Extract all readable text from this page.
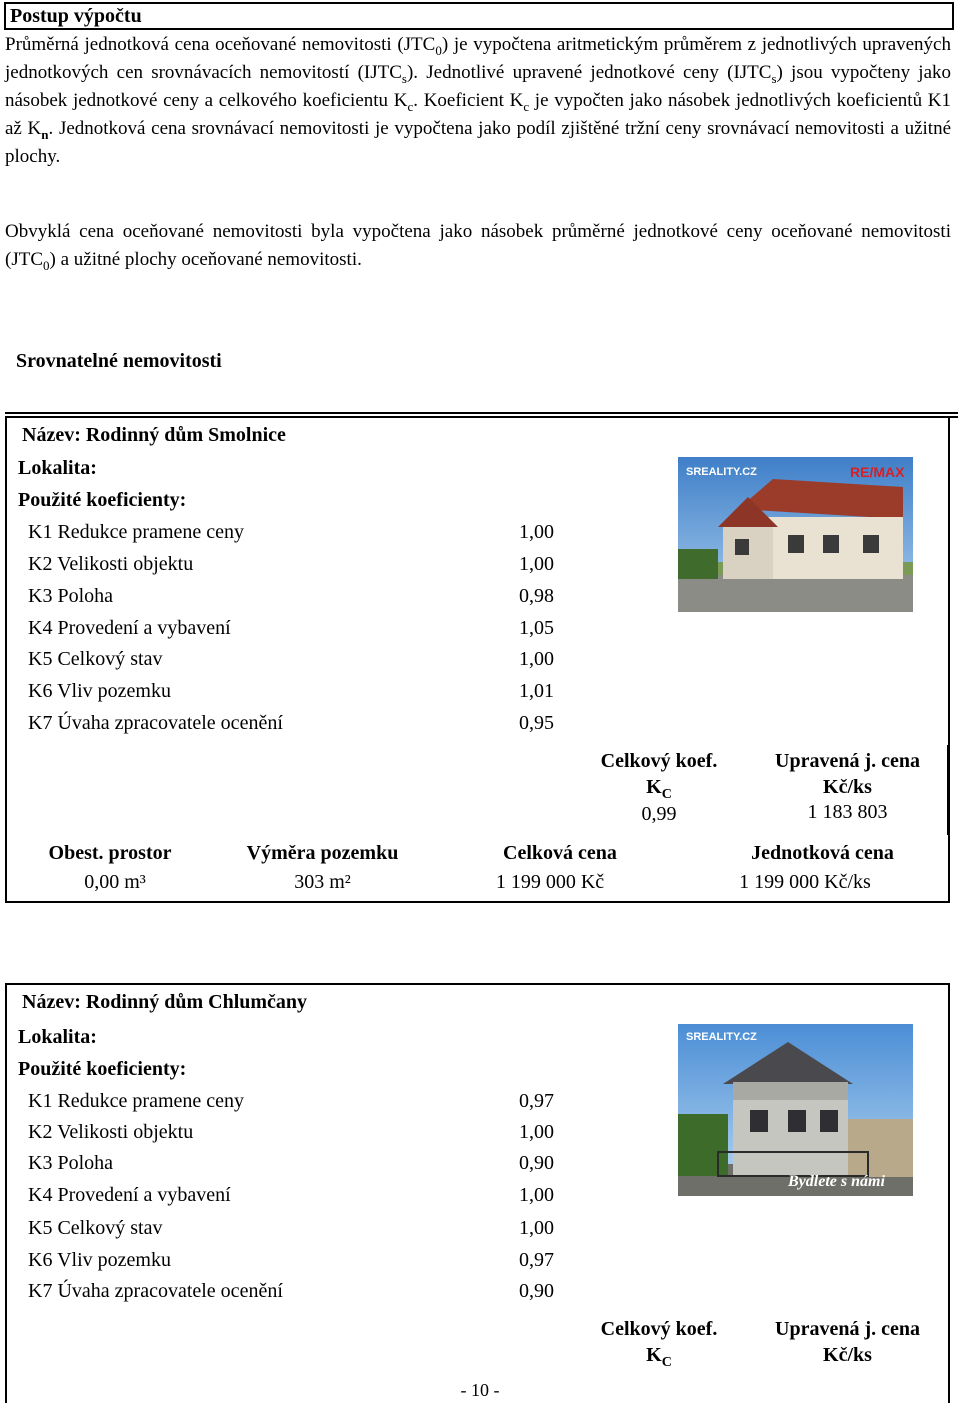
Postup výpočtu
Průměrná jednotková cena oceňované nemovitosti $(JTC_0)$ je vypočtena aritmetickým průměrem z jednotlivých upravených jednotkových cen srovnávacích nemovitostí $(IJTC_s)$. Jednotlivé upravené jednotkové ceny $(IJTC_s)$ jsou vypočteny jako násobek jednotkové ceny a celkového koeficientu $K_c$. Koeficient $K_c$ je vypočten jako násobek jednotlivých koeficientů K1 až $K_n$. Jednotková cena srovnávací nemovitosti je vypočtena jako podíl zjištěné tržní ceny srovnávací nemovitosti a užitné plochy.
Obvyklá cena oceňované nemovitosti byla vypočtena jako násobek průměrné jednotkové ceny oceňované nemovitosti $(JTC_0)$ a užitné plochy oceňované nemovitosti.
Srovnatelné nemovitosti
Název: Rodinný dům Smolnice
Lokalita:
Použité koeficienty:
K1 Redukce pramene ceny	1,00
K2 Velikosti objektu	1,00
K3 Poloha	0,98
K4 Provedení a vybavení	1,05
K5 Celkový stav	1,00
K6 Vliv pozemku	1,01
K7 Úvaha zpracovatele ocenění	0,95
SREALITY.CZ	RE/MAX
Celkový koef.
$K_C$
0,99
Upravená j. cena
Kč/ks
1 183 803
Obest. prostor	Výměra pozemku	Celková cena	Jednotková cena
0,00 m³	303 m²	1 199 000 Kč	1 199 000 Kč/ks
Název: Rodinný dům Chlumčany
Lokalita:
Použité koeficienty:
K1 Redukce pramene ceny	0,97
K2 Velikosti objektu	1,00
K3 Poloha	0,90
K4 Provedení a vybavení	1,00
K5 Celkový stav	1,00
K6 Vliv pozemku	0,97
K7 Úvaha zpracovatele ocenění	0,90
SREALITY.CZ
Bydlete s námi
Celkový koef.
$K_C$
Upravená j. cena
Kč/ks
- 10 -
